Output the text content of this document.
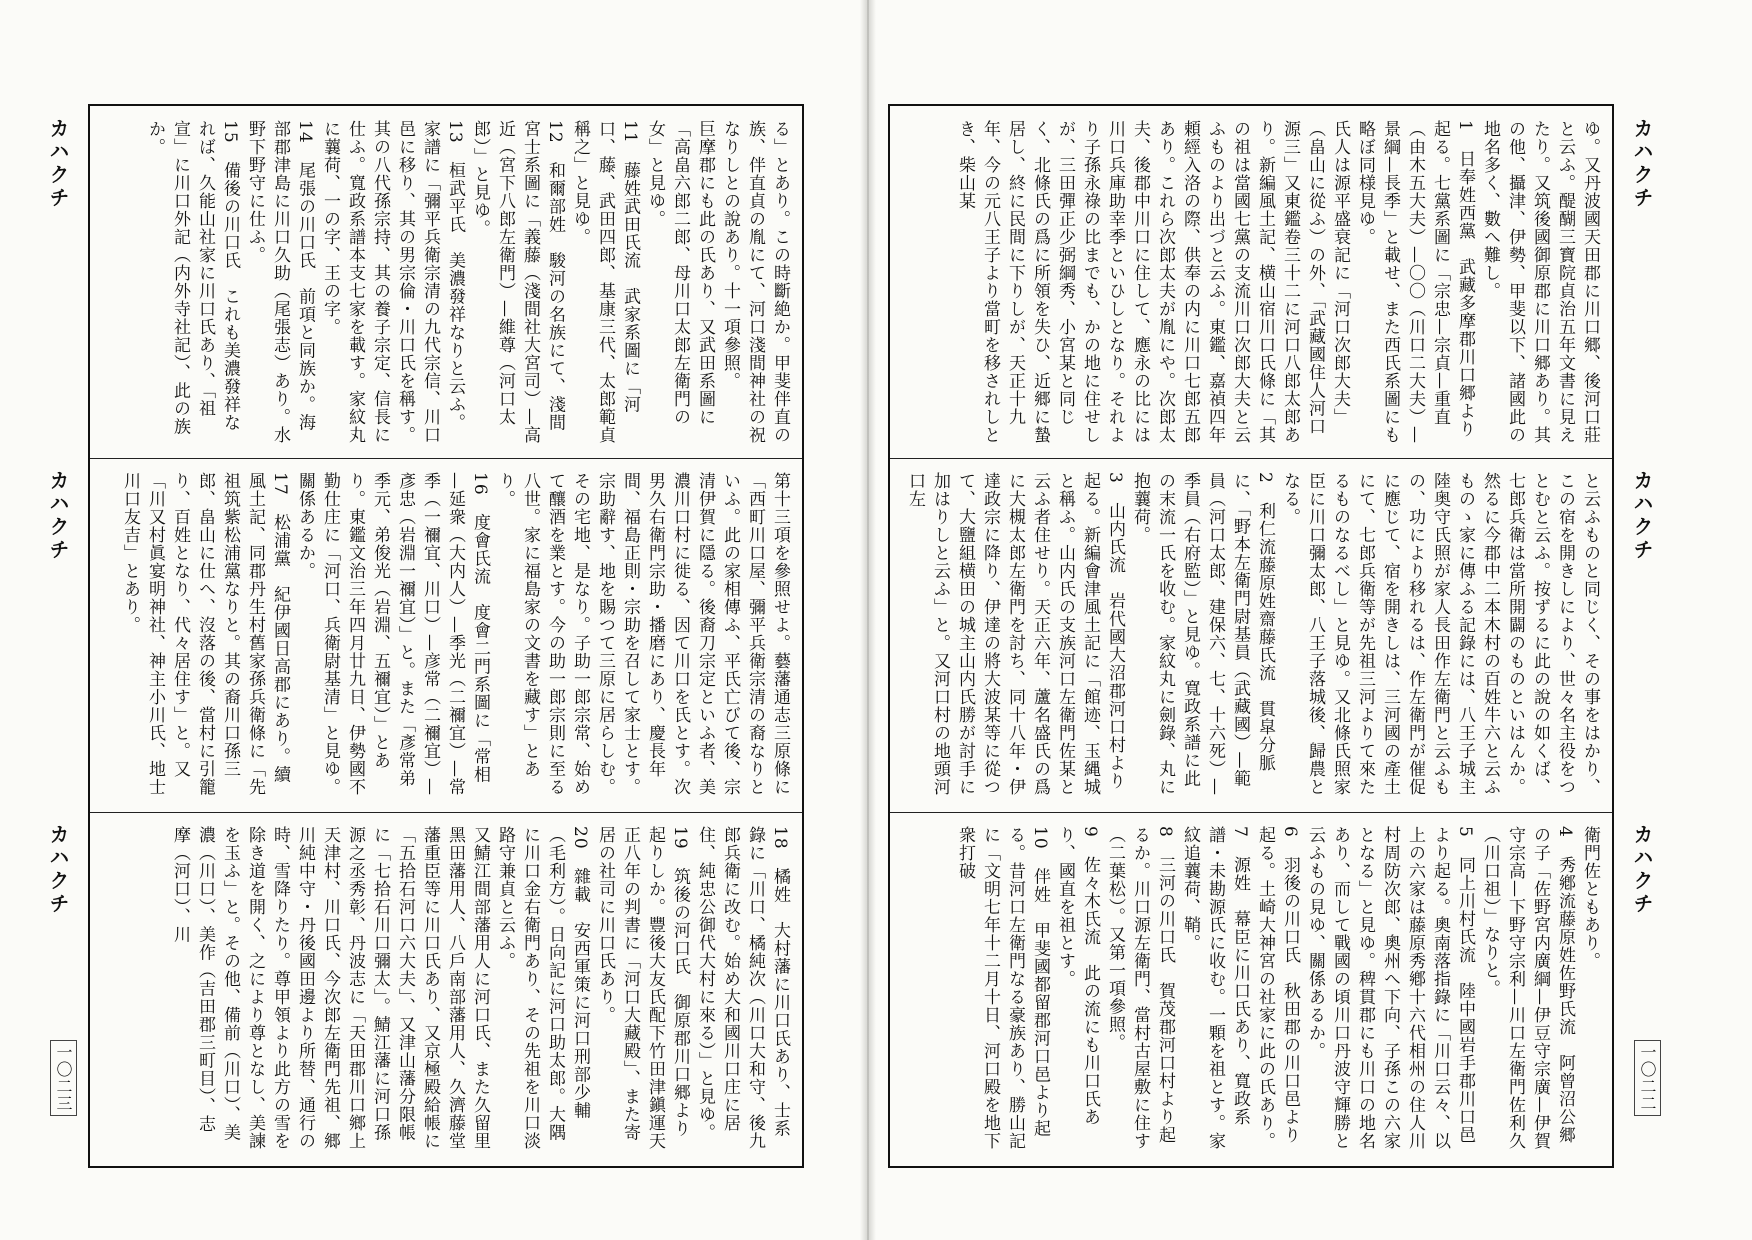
カハクチ
カハクチ
カハクチ
一〇二三
カハクチ
カハクチ
カハクチ
一〇二二
る」とあり。この時斷絶か。甲斐伴直の族、伴直貞の胤にて、河口淺間神社の祝なりしとの說あり。十一項參照。
巨摩郡にも此の氏あり、又武田系圖に「高畠六郎二郎、母川口太郎左衛門の女」と見ゆ。
11　藤姓武田氏流　武家系圖に「河口、藤、武田四郎、基康三代、太郎範貞稱之」と見ゆ。
12　和爾部姓　駿河の名族にて、淺間宮士系圖に「義藤（淺間社大宮司）—高近（宮下八郎左衛門）—維尊（河口太郎）」と見ゆ。
13　桓武平氏　美濃發祥なりと云ふ。家譜に「彌平兵衛宗清の九代宗信、川口邑に移り、其の男宗倫・川口氏を稱す。其の八代孫宗持、其の養子宗定、信長に仕ふ。寬政系譜本支七家を載す。家紋丸に蘘荷、一の字、王の字。
14　尾張の川口氏　前項と同族か。海部郡津島に川口久助（尾張志）あり。水野下野守に仕ふ。
15　備後の川口氏　これも美濃發祥なれば、久能山社家に川口氏あり、「祖宣」に川口外記（内外寺社記）、此の族か。
第十三項を參照せよ。藝藩通志三原條に「西町川口屋、彌平兵衛宗清の裔なりといふ。此の家相傳ふ、平氏亡びて後、宗清伊賀に隱る。後裔刀宗定といふ者、美濃川口村に徙る、因て川口を氏とす。次男久右衛門宗助・播磨にあり、慶長年間、福島正則・宗助を召して家士とす。宗助辭す、地を賜つて三原に居らしむ。その宅地、是なり。子助一郎宗常、始めて釀酒を業とす。今の助一郎宗則に至る八世。家に福島家の文書を藏す」とあり。
16　度會氏流　度會二門系圖に「常相—延衆（大内人）—季光（二禰宜）—常季（一禰宜、川口）—彦常（二禰宜）—彥忠（岩淵一禰宜）」と。また「彥常弟季元、弟俊光（岩淵、五禰宜）」とあり。東鑑文治三年四月廿九日、伊勢國不勤仕庄に「河口、兵衛尉基清」と見ゆ。關係あるか。
17　松浦黨　紀伊國日高郡にあり。續風土記、同郡丹生村舊家孫兵衛條に「先祖筑紫松浦黨なりと。其の裔川口孫三郎、畠山に仕へ、沒落の後、當村に引籠り、百姓となり、代々居住す」と。又「川又村眞宴明神社、神主小川氏、地士川口友吉」とあり。
18　橘姓　大村藩に川口氏あり、士系錄に「川口、橘純次（川口大和守、後九郎兵衛に改む。始め大和國川口庄に居住、純忠公御代大村に來る）」と見ゆ。
19　筑後の河口氏　御原郡川口郷より起りしか。豐後大友氏配下竹田津鎭運天正八年の判書に「河口大藏殿」、また寄居の社司に川口氏あり。
20　雜載　安西軍策に河口刑部少輔（毛利方）。日向記に河口助太郎。大隅に川口金右衛門あり、その先祖を川口淡路守兼貞と云ふ。
又鯖江間部藩用人に河口氏、また久留里黑田藩用人、八戶南部藩用人、久濟藤堂藩重臣等に川口氏あり、又京極殿給帳に「五拾石河口六大夫」、又津山藩分限帳に「七拾石川口彌太」。鯖江藩に河口孫源之丞秀彰、丹波志に「天田郡川口鄉上天津村、川口氏、今次郎左衛門先祖、郷川純中守・丹後國田邊より所替、通行の時、雪降りたり。尊甲領より此方の雪を除き道を開く、之により尊となし、美諫を玉ふ」と。その他、備前（川口）、美濃（川口）、美作（吉田郡三町目）、志摩（河口）、川
ゆ。又丹波國天田郡に川口郷、後河口莊と云ふ。醍醐三寶院貞治五年文書に見えたり。又筑後國御原郡に川口郷あり。其の他、攝津、伊勢、甲斐以下、諸國此の地名多く、數へ難し。
1　日奉姓西黨　武藏多摩郡川口郷より起る。七黨系圖に「宗忠—宗貞—重直（由木五大夫）—〇〇（川口二大夫）—景綱—長季」と載せ、また西氏系圖にも略ぼ同様見ゆ。
氏人は源平盛衰記に「河口次郎大夫」（畠山に從ふ）の外、「武藏國住人河口源三」又東鑑卷三十二に河口八郎太郎あり。新編風土記、横山宿川口氏條に「其の祖は當國七黨の支流川口次郎大夫と云ふものより出づと云ふ。東鑑、嘉禎四年頼經入洛の際、供奉の内に川口七郎五郎あり。これら次郎太夫が胤にや。次郎太夫、後郡中川口に住して、應永の比には川口兵庫助幸季といひしとなり。それより子孫永祿の比までも、かの地に住せしが、三田彈正少弼綱秀、小宮某と同じく、北條氏の爲に所領を失ひ、近郷に蟄居し、終に民間に下りしが、天正十九年、今の元八王子より當町を移されしとき、柴山某
と云ふものと同じく、その事をはかり、この宿を開きしにより、世々名主役をつとむと云ふ。按ずるに此の說の如くば、七郎兵衛は當所開闢のものといはんか。然るに今郡中二本木村の百姓牛六と云ふものゝ家に傳ふる記錄には、八王子城主陸奥守氏照が家人長田作左衛門と云ふもの、功により移れるは、作左衛門が催促に應じて、宿を開きしは、三河國の產土にて、七郎兵衛等が先祖三河よりて來たるものなるべし」と見ゆ。又北條氏照家臣に川口彌太郎、八王子落城後、歸農となる。
2　利仁流藤原姓齋藤氏流　貫皐分脈に、「野本左衛門尉基員（武藏國）—範員（河口太郎、建保六、七、十六死）—季員（右府監）」と見ゆ。寬政系譜に此の末流一氏を收む。家紋丸に劍錄、丸に抱蘘荷。
3　山内氏流　岩代國大沼郡河口村より起る。新編會津風土記に「館迹、玉縄城と稱ふ。山内氏の支族河口左衛門佐某と云ふ者住せり。天正六年、蘆名盛氏の爲に大槻太郎左衛門を討ち、同十八年・伊達政宗に降り、伊達の將大波某等に從つて、大鹽組横田の城主山内氏勝が討手に加はりしと云ふ」と。又河口村の地頭河口左
衛門佐ともあり。
4　秀鄕流藤原姓佐野氏流　阿曾沼公郷の子「佐野宮内廣綱—伊豆守宗廣—伊賀守宗高—下野守宗利—川口左衛門佐利久（川口祖）」なりと。
5　同上川村氏流　陸中國岩手郡川口邑より起る。奧南落指錄に「川口云々、以上の六家は藤原秀鄕十六代相州の住人川村周防次郎、奧州へ下向、子孫この六家となる」と見ゆ。稗貫郡にも川口の地名あり、而して戰國の頃川口丹波守輝勝と云ふもの見ゆ、關係あるか。
6　羽後の川口氏　秋田郡の川口邑より起る。土崎大神宮の社家に此の氏あり。
7　源姓　幕臣に川口氏あり、寬政系譜・未勘源氏に收む。一顆を祖とす。家紋追蘘荷、鞘。
8　三河の川口氏　賀茂郡河口村より起るか。川口源左衛門、當村古屋敷に住す（二葉松）。又第一項參照。
9　佐々木氏流　此の流にも川口氏あり、國直を祖とす。
10　伴姓　甲斐國都留郡河口邑より起る。昔河口左衛門なる豪族あり、勝山記に「文明七年十二月十日、河口殿を地下衆打破
